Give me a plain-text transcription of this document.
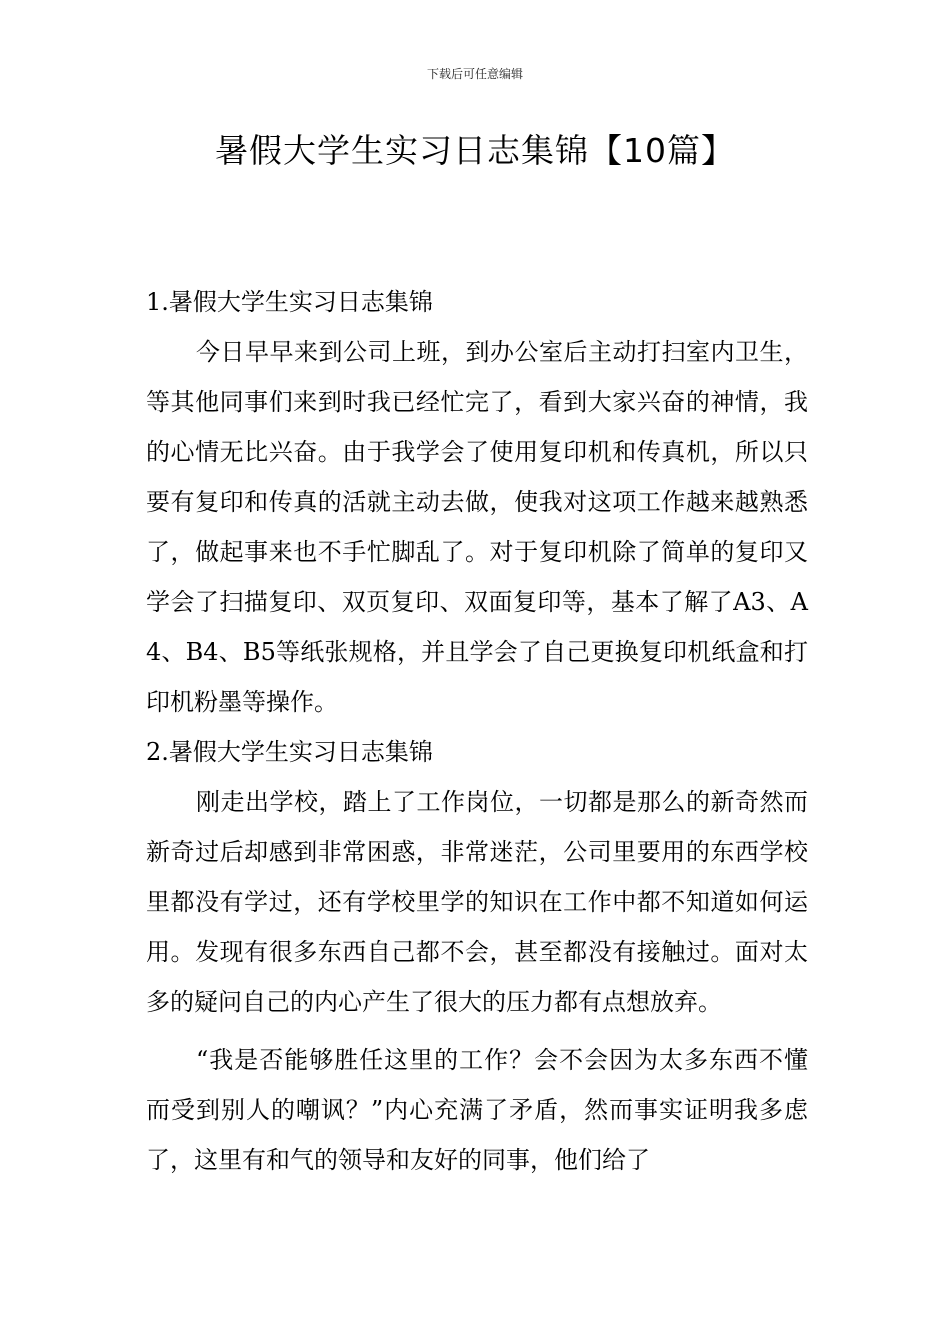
下载后可任意编辑
暑假大学生实习日志集锦【10篇】
1.暑假大学生实习日志集锦

今日早早来到公司上班，到办公室后主动打扫室内卫生，等其他同事们来到时我已经忙完了，看到大家兴奋的神情，我的心情无比兴奋。由于我学会了使用复印机和传真机，所以只要有复印和传真的活就主动去做，使我对这项工作越来越熟悉了，做起事来也不手忙脚乱了。对于复印机除了简单的复印又学会了扫描复印、双页复印、双面复印等，基本了解了A3、A4、B4、B5等纸张规格，并且学会了自己更换复印机纸盒和打印机粉墨等操作。

2.暑假大学生实习日志集锦

刚走出学校，踏上了工作岗位，一切都是那么的新奇然而新奇过后却感到非常困惑，非常迷茫，公司里要用的东西学校里都没有学过，还有学校里学的知识在工作中都不知道如何运用。发现有很多东西自己都不会，甚至都没有接触过。面对太多的疑问自己的内心产生了很大的压力都有点想放弃。

“我是否能够胜任这里的工作？会不会因为太多东西不懂而受到别人的嘲讽？”内心充满了矛盾，然而事实证明我多虑了，这里有和气的领导和友好的同事，他们给了
